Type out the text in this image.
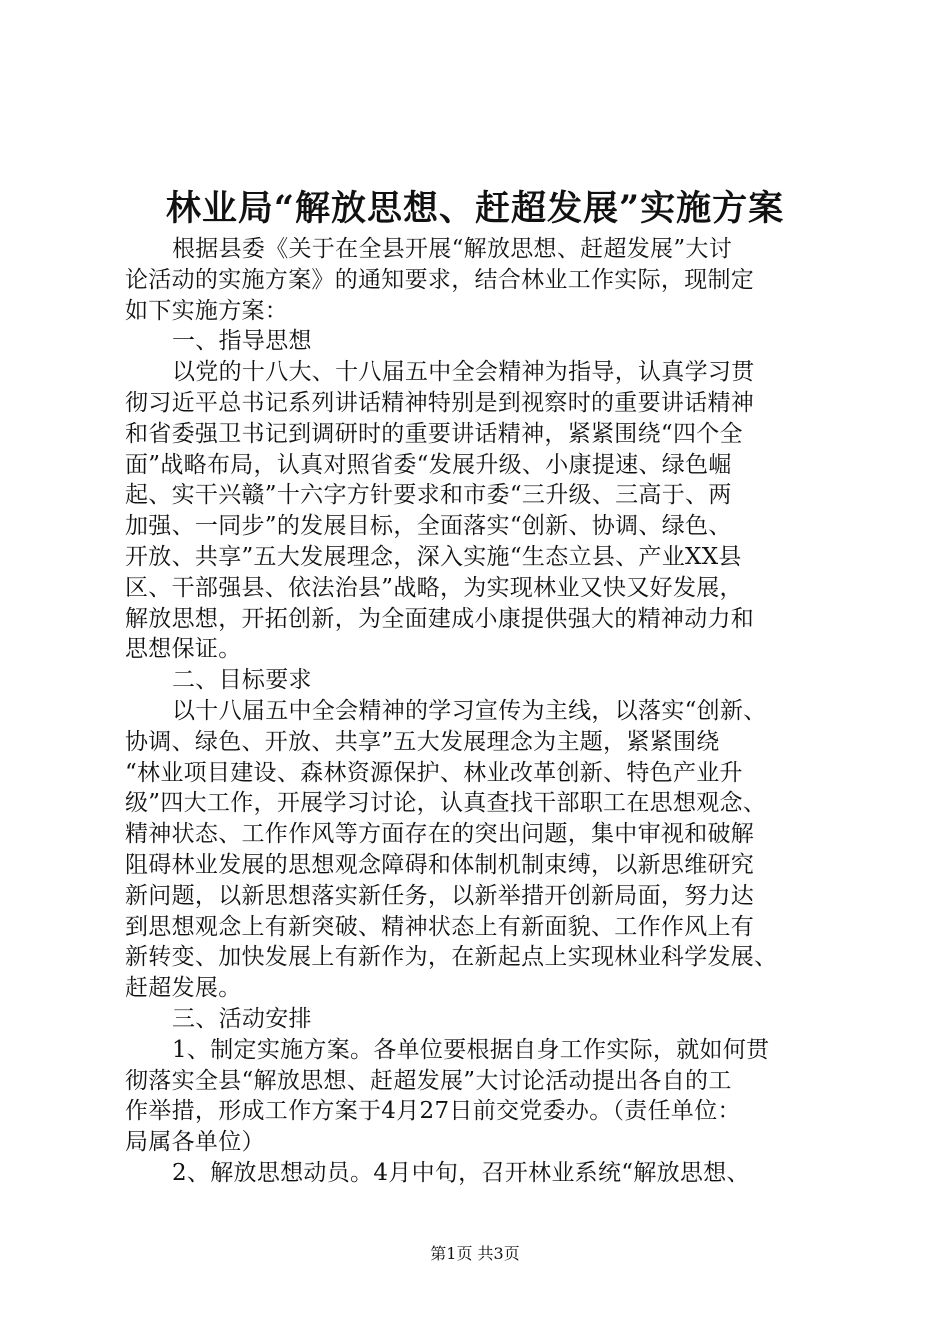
林业局“解放思想、赶超发展”实施方案
根据县委《关于在全县开展“解放思想、赶超发展”大讨
论活动的实施方案》的通知要求，结合林业工作实际，现制定
如下实施方案：
一、指导思想
以党的十八大、十八届五中全会精神为指导，认真学习贯
彻习近平总书记系列讲话精神特别是到视察时的重要讲话精神
和省委强卫书记到调研时的重要讲话精神，紧紧围绕“四个全
面”战略布局，认真对照省委“发展升级、小康提速、绿色崛
起、实干兴赣”十六字方针要求和市委“三升级、三高于、两
加强、一同步”的发展目标，全面落实“创新、协调、绿色、
开放、共享”五大发展理念，深入实施“生态立县、产业XX县
区、干部强县、依法治县”战略，为实现林业又快又好发展，
解放思想，开拓创新，为全面建成小康提供强大的精神动力和
思想保证。
二、目标要求
以十八届五中全会精神的学习宣传为主线，以落实“创新、
协调、绿色、开放、共享”五大发展理念为主题，紧紧围绕
“林业项目建设、森林资源保护、林业改革创新、特色产业升
级”四大工作，开展学习讨论，认真查找干部职工在思想观念、
精神状态、工作作风等方面存在的突出问题，集中审视和破解
阻碍林业发展的思想观念障碍和体制机制束缚，以新思维研究
新问题，以新思想落实新任务，以新举措开创新局面，努力达
到思想观念上有新突破、精神状态上有新面貌、工作作风上有
新转变、加快发展上有新作为，在新起点上实现林业科学发展、
赶超发展。
三、活动安排
1、制定实施方案。各单位要根据自身工作实际，就如何贯
彻落实全县“解放思想、赶超发展”大讨论活动提出各自的工
作举措，形成工作方案于4月27日前交党委办。（责任单位：
局属各单位）
2、解放思想动员。4月中旬，召开林业系统“解放思想、
第1页 共3页
